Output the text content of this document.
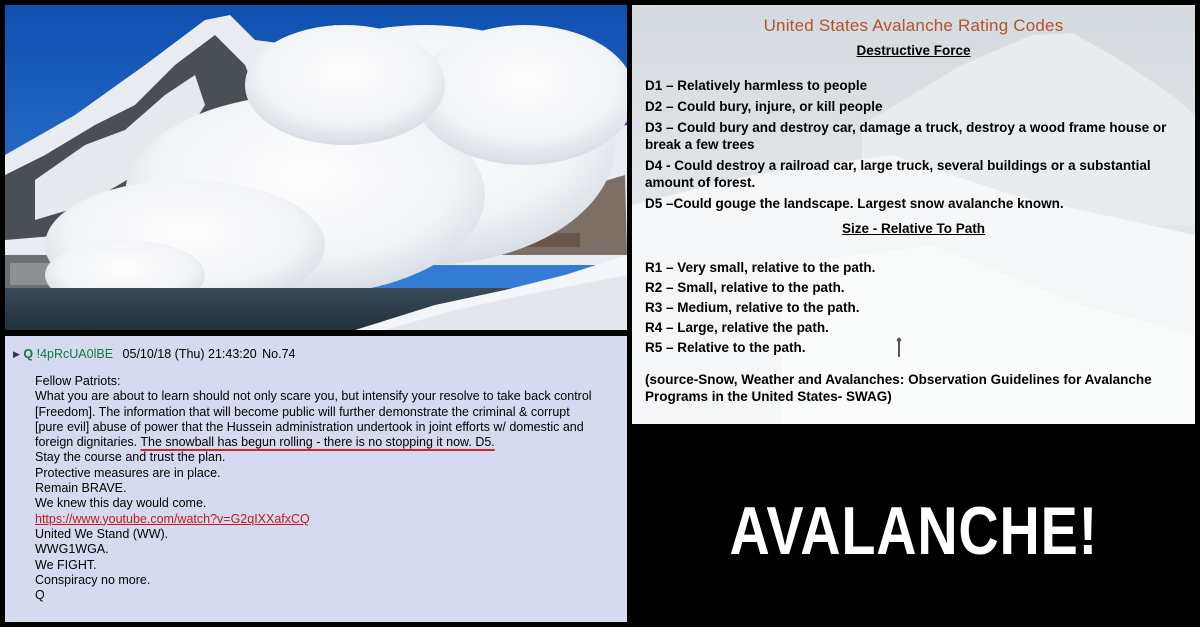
United States Avalanche Rating Codes
Destructive Force
D1 – Relatively harmless to people
D2 – Could bury, injure, or kill people
D3 – Could bury and destroy car, damage a truck, destroy a wood frame house or break a few trees
D4 - Could destroy a railroad car, large truck, several buildings or a substantial amount of forest.
D5 –Could gouge the landscape. Largest snow avalanche known.
Size - Relative To Path
R1 – Very small, relative to the path.
R2 – Small, relative to the path.
R3 – Medium, relative to the path.
R4 – Large, relative the path.
R5 – Relative to the path.
(source-Snow, Weather and Avalanches: Observation Guidelines for Avalanche Programs in the United States- SWAG)
▶ Q !4pRcUA0lBE 05/10/18 (Thu) 21:43:20 No.74
Fellow Patriots:
What you are about to learn should not only scare you, but intensify your resolve to take back control
[Freedom]. The information that will become public will further demonstrate the criminal & corrupt
[pure evil] abuse of power that the Hussein administration undertook in joint efforts w/ domestic and
foreign dignitaries. The snowball has begun rolling - there is no stopping it now. D5.
Stay the course and trust the plan.
Protective measures are in place.
Remain BRAVE.
We knew this day would come.
https://www.youtube.com/watch?v=G2qIXXafxCQ
United We Stand (WW).
WWG1WGA.
We FIGHT.
Conspiracy no more.
Q
AVALANCHE!
